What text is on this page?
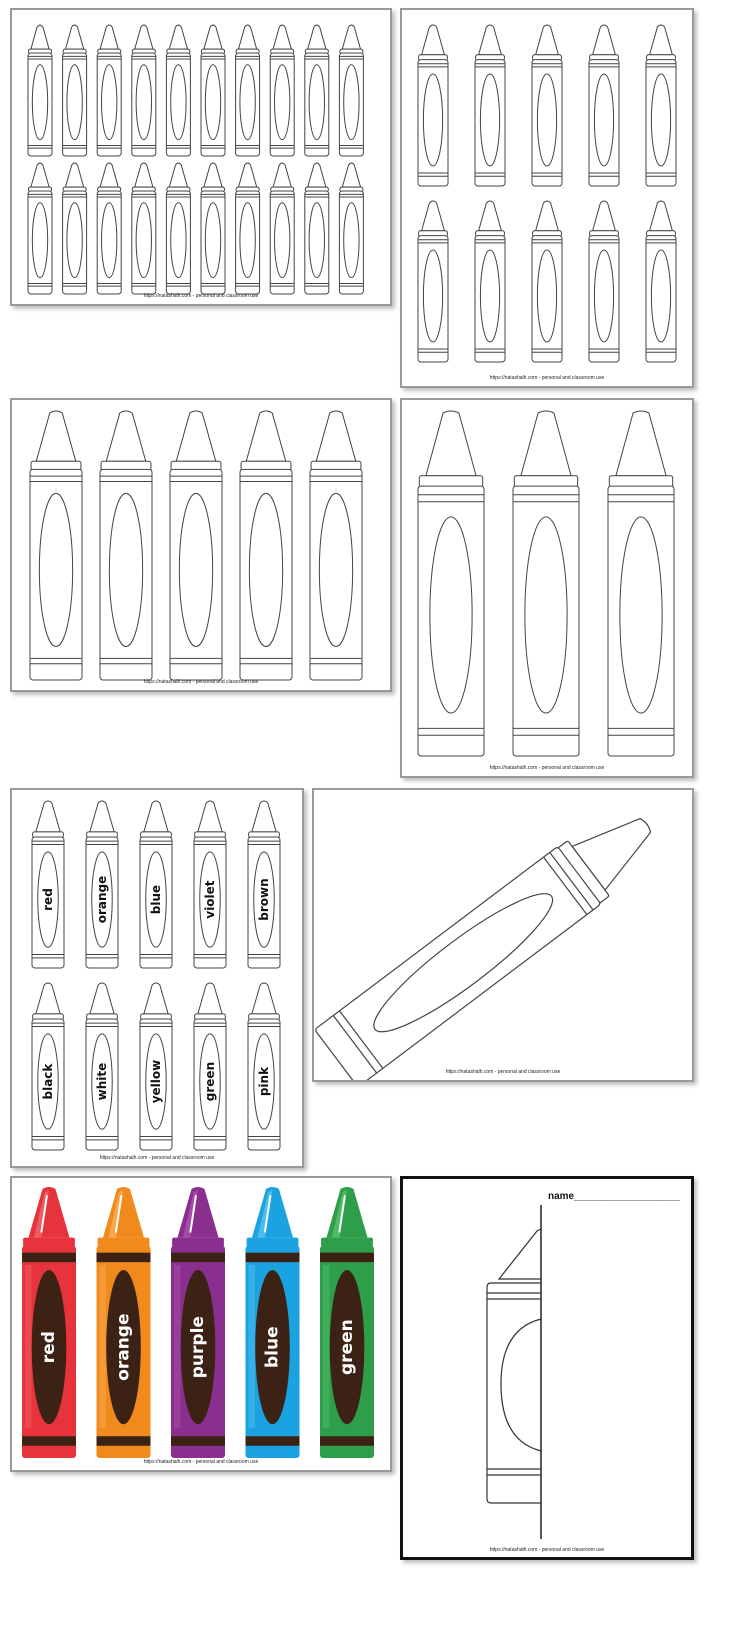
https://natashalh.com - personal and classroom use
https://natashalh.com - personal and classroom use
https://natashalh.com - personal and classroom use
https://natashalh.com - personal and classroom use
red	orange	blue	violet	brown
black	white	yellow	green	pink
https://natashalh.com - personal and classroom use
https://natashalh.com - personal and classroom use
red	orange	purple	blue	green
https://natashalh.com - personal and classroom use
name___________________
https://natashalh.com - personal and classroom use
